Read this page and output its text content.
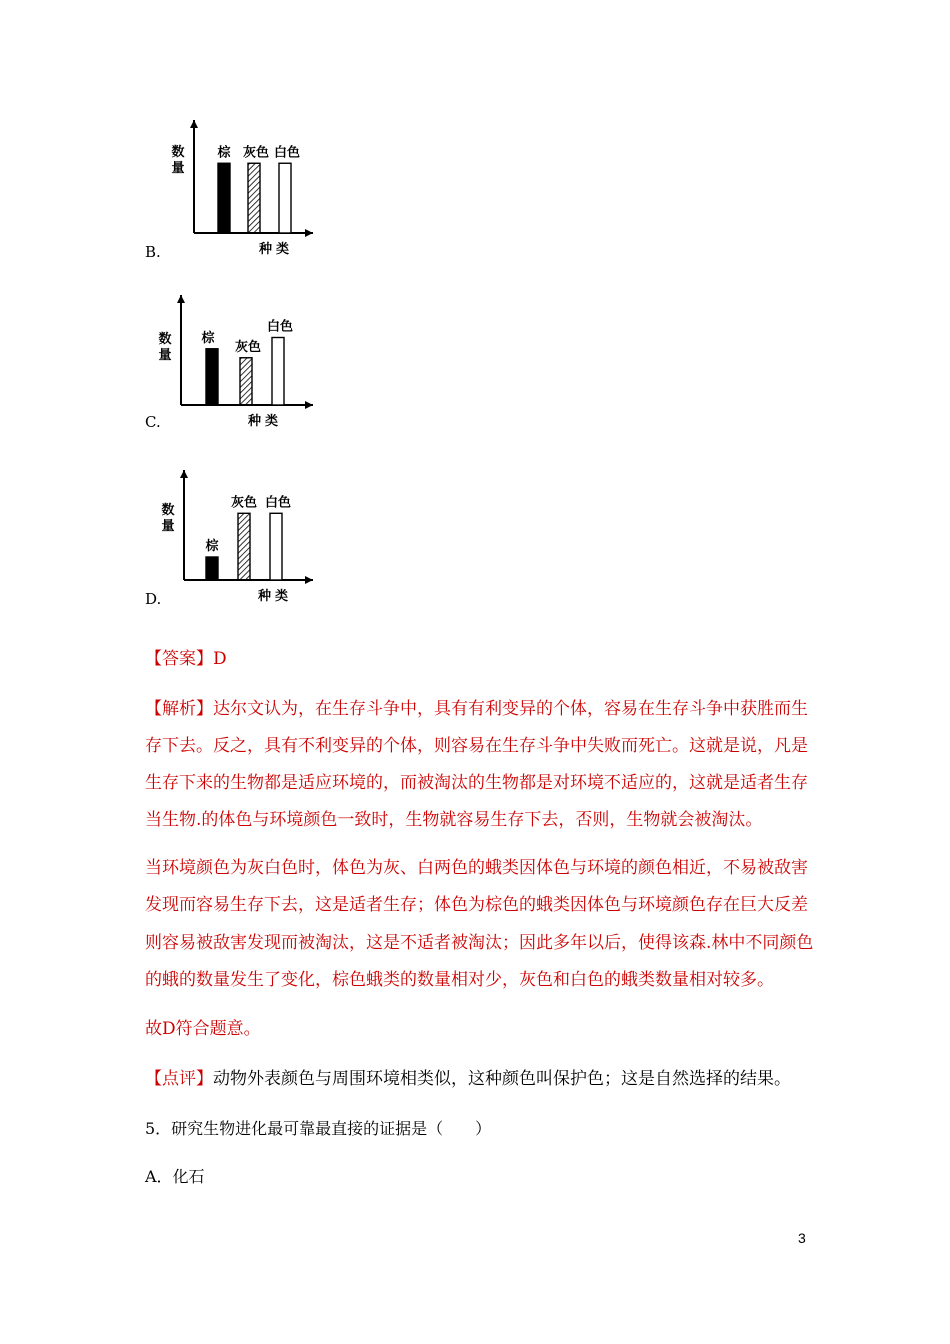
B.
数
量
种类
棕 灰色 白色
C.
数
量
种类
棕
灰色
白色
D.
数
量
种类
棕
灰色 白色
【答案】D
【解析】达尔文认为，在生存斗争中，具有有利变异的个体，容易在生存斗争中获胜而生
存下去。反之，具有不利变异的个体，则容易在生存斗争中失败而死亡。这就是说，凡是
生存下来的生物都是适应环境的，而被淘汰的生物都是对环境不适应的，这就是适者生存
当生物.的体色与环境颜色一致时，生物就容易生存下去，否则，生物就会被淘汰。
当环境颜色为灰白色时，体色为灰、白两色的蛾类因体色与环境的颜色相近，不易被敌害
发现而容易生存下去，这是适者生存；体色为棕色的蛾类因体色与环境颜色存在巨大反差
则容易被敌害发现而被淘汰，这是不适者被淘汰；因此多年以后，使得该森.林中不同颜色
的蛾的数量发生了变化，棕色蛾类的数量相对少，灰色和白色的蛾类数量相对较多。
故D符合题意。
【点评】动物外表颜色与周围环境相类似，这种颜色叫保护色；这是自然选择的结果。
5．研究生物进化最可靠最直接的证据是（　　）
A．化石
3
